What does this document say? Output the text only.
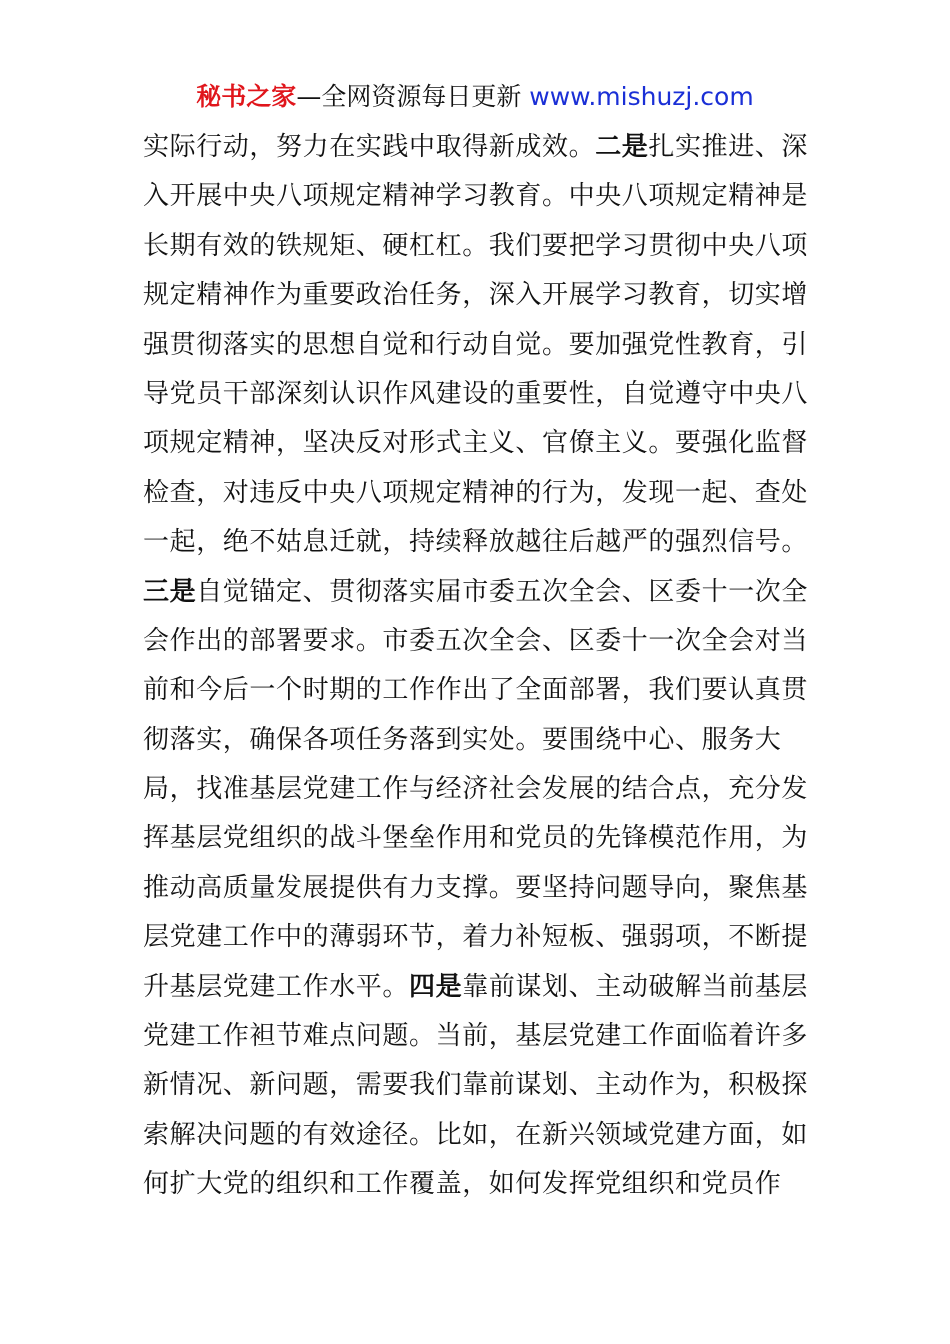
秘书之家—全网资源每日更新 www.mishuzj.com
实际行动，努力在实践中取得新成效。二是扎实推进、深
入开展中央八项规定精神学习教育。中央八项规定精神是
长期有效的铁规矩、硬杠杠。我们要把学习贯彻中央八项
规定精神作为重要政治任务，深入开展学习教育，切实增
强贯彻落实的思想自觉和行动自觉。要加强党性教育，引
导党员干部深刻认识作风建设的重要性，自觉遵守中央八
项规定精神，坚决反对形式主义、官僚主义。要强化监督
检查，对违反中央八项规定精神的行为，发现一起、查处
一起，绝不姑息迁就，持续释放越往后越严的强烈信号。
三是自觉锚定、贯彻落实届市委五次全会、区委十一次全
会作出的部署要求。市委五次全会、区委十一次全会对当
前和今后一个时期的工作作出了全面部署，我们要认真贯
彻落实，确保各项任务落到实处。要围绕中心、服务大
局，找准基层党建工作与经济社会发展的结合点，充分发
挥基层党组织的战斗堡垒作用和党员的先锋模范作用，为
推动高质量发展提供有力支撑。要坚持问题导向，聚焦基
层党建工作中的薄弱环节，着力补短板、强弱项，不断提
升基层党建工作水平。四是靠前谋划、主动破解当前基层
党建工作袒节难点问题。当前，基层党建工作面临着许多
新情况、新问题，需要我们靠前谋划、主动作为，积极探
索解决问题的有效途径。比如，在新兴领域党建方面，如
何扩大党的组织和工作覆盖，如何发挥党组织和党员作
